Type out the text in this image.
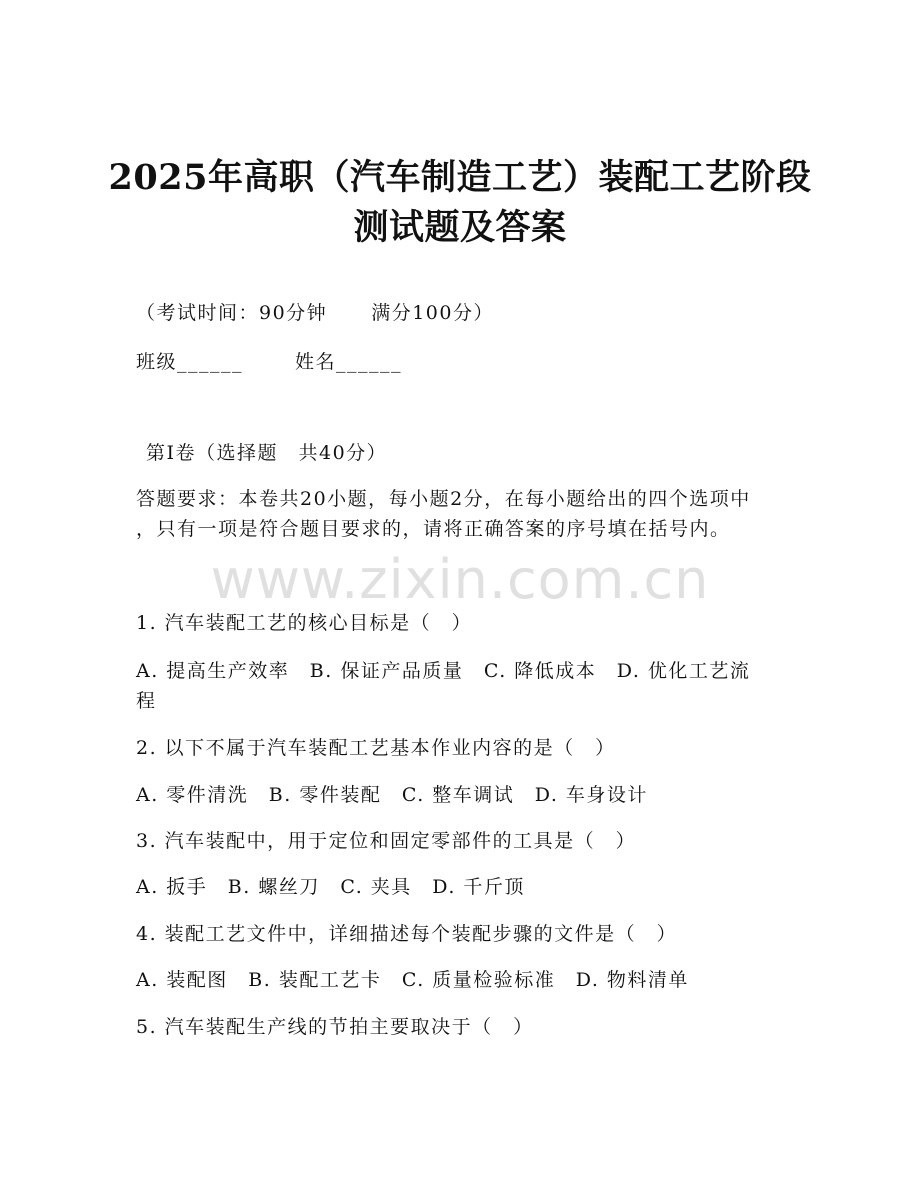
2025年高职（汽车制造工艺）装配工艺阶段
测试题及答案
（考试时间：90分钟 满分100分）
班级______	姓名______
第Ⅰ卷（选择题　共40分）
答题要求：本卷共20小题，每小题2分，在每小题给出的四个选项中
，只有一项是符合题目要求的，请将正确答案的序号填在括号内。
www.zixin.com.cn
1. 汽车装配工艺的核心目标是（　）
A. 提高生产效率　B. 保证产品质量　C. 降低成本　D. 优化工艺流
程
2. 以下不属于汽车装配工艺基本作业内容的是（　）
A. 零件清洗　B. 零件装配　C. 整车调试　D. 车身设计
3. 汽车装配中，用于定位和固定零部件的工具是（　）
A. 扳手　B. 螺丝刀　C. 夹具　D. 千斤顶
4. 装配工艺文件中，详细描述每个装配步骤的文件是（　）
A. 装配图　B. 装配工艺卡　C. 质量检验标准　D. 物料清单
5. 汽车装配生产线的节拍主要取决于（　）
